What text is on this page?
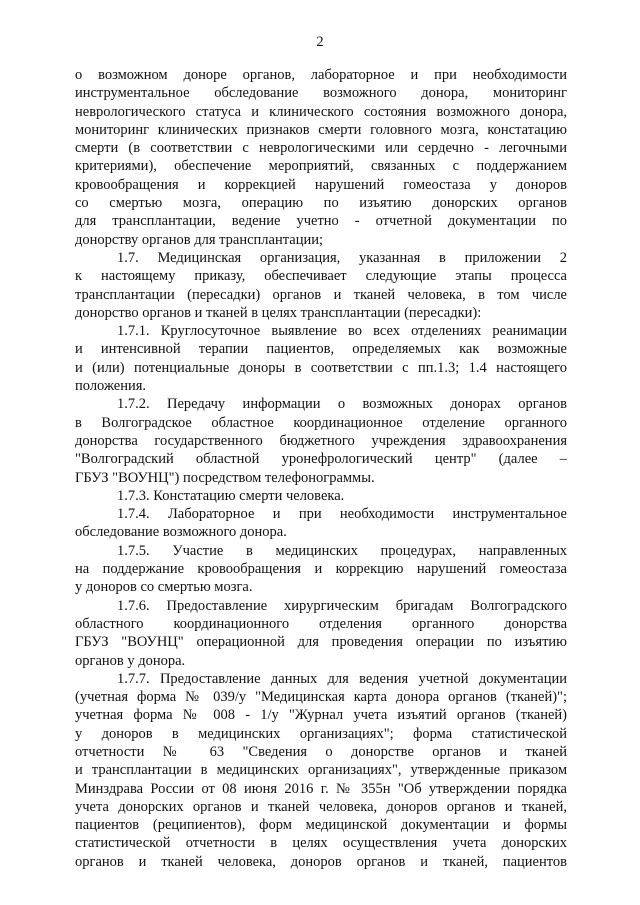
2
о возможном доноре органов, лабораторное и при необходимости
инструментальное обследование возможного донора, мониторинг
неврологического статуса и клинического состояния возможного донора,
мониторинг клинических признаков смерти головного мозга, констатацию
смерти (в соответствии с неврологическими или сердечно - легочными
критериями), обеспечение мероприятий, связанных с поддержанием
кровообращения и коррекцией нарушений гомеостаза у доноров
со смертью мозга, операцию по изъятию донорских органов
для трансплантации, ведение учетно - отчетной документации по
донорству органов для трансплантации;
1.7. Медицинская организация, указанная в приложении 2
к настоящему приказу, обеспечивает следующие этапы процесса
трансплантации (пересадки) органов и тканей человека, в том числе
донорство органов и тканей в целях трансплантации (пересадки):
1.7.1. Круглосуточное выявление во всех отделениях реанимации
и интенсивной терапии пациентов, определяемых как возможные
и (или) потенциальные доноры в соответствии с пп.1.3; 1.4 настоящего
положения.
1.7.2. Передачу информации о возможных донорах органов
в Волгоградское областное координационное отделение органного
донорства государственного бюджетного учреждения здравоохранения
"Волгоградский областной уронефрологический центр" (далее –
ГБУЗ "ВОУНЦ") посредством телефонограммы.
1.7.3. Констатацию смерти человека.
1.7.4. Лабораторное и при необходимости инструментальное
обследование возможного донора.
1.7.5. Участие в медицинских процедурах, направленных
на поддержание кровообращения и коррекцию нарушений гомеостаза
у доноров со смертью мозга.
1.7.6. Предоставление хирургическим бригадам Волгоградского
областного координационного отделения органного донорства
ГБУЗ "ВОУНЦ" операционной для проведения операции по изъятию
органов у донора.
1.7.7. Предоставление данных для ведения учетной документации
(учетная форма № 039/у "Медицинская карта донора органов (тканей)";
учетная форма № 008 - 1/у "Журнал учета изъятий органов (тканей)
у доноров в медицинских организациях"; форма статистической
отчетности № 63 "Сведения о донорстве органов и тканей
и трансплантации в медицинских организациях", утвержденные приказом
Минздрава России от 08 июня 2016 г. № 355н "Об утверждении порядка
учета донорских органов и тканей человека, доноров органов и тканей,
пациентов (реципиентов), форм медицинской документации и формы
статистической отчетности в целях осуществления учета донорских
органов и тканей человека, доноров органов и тканей, пациентов
